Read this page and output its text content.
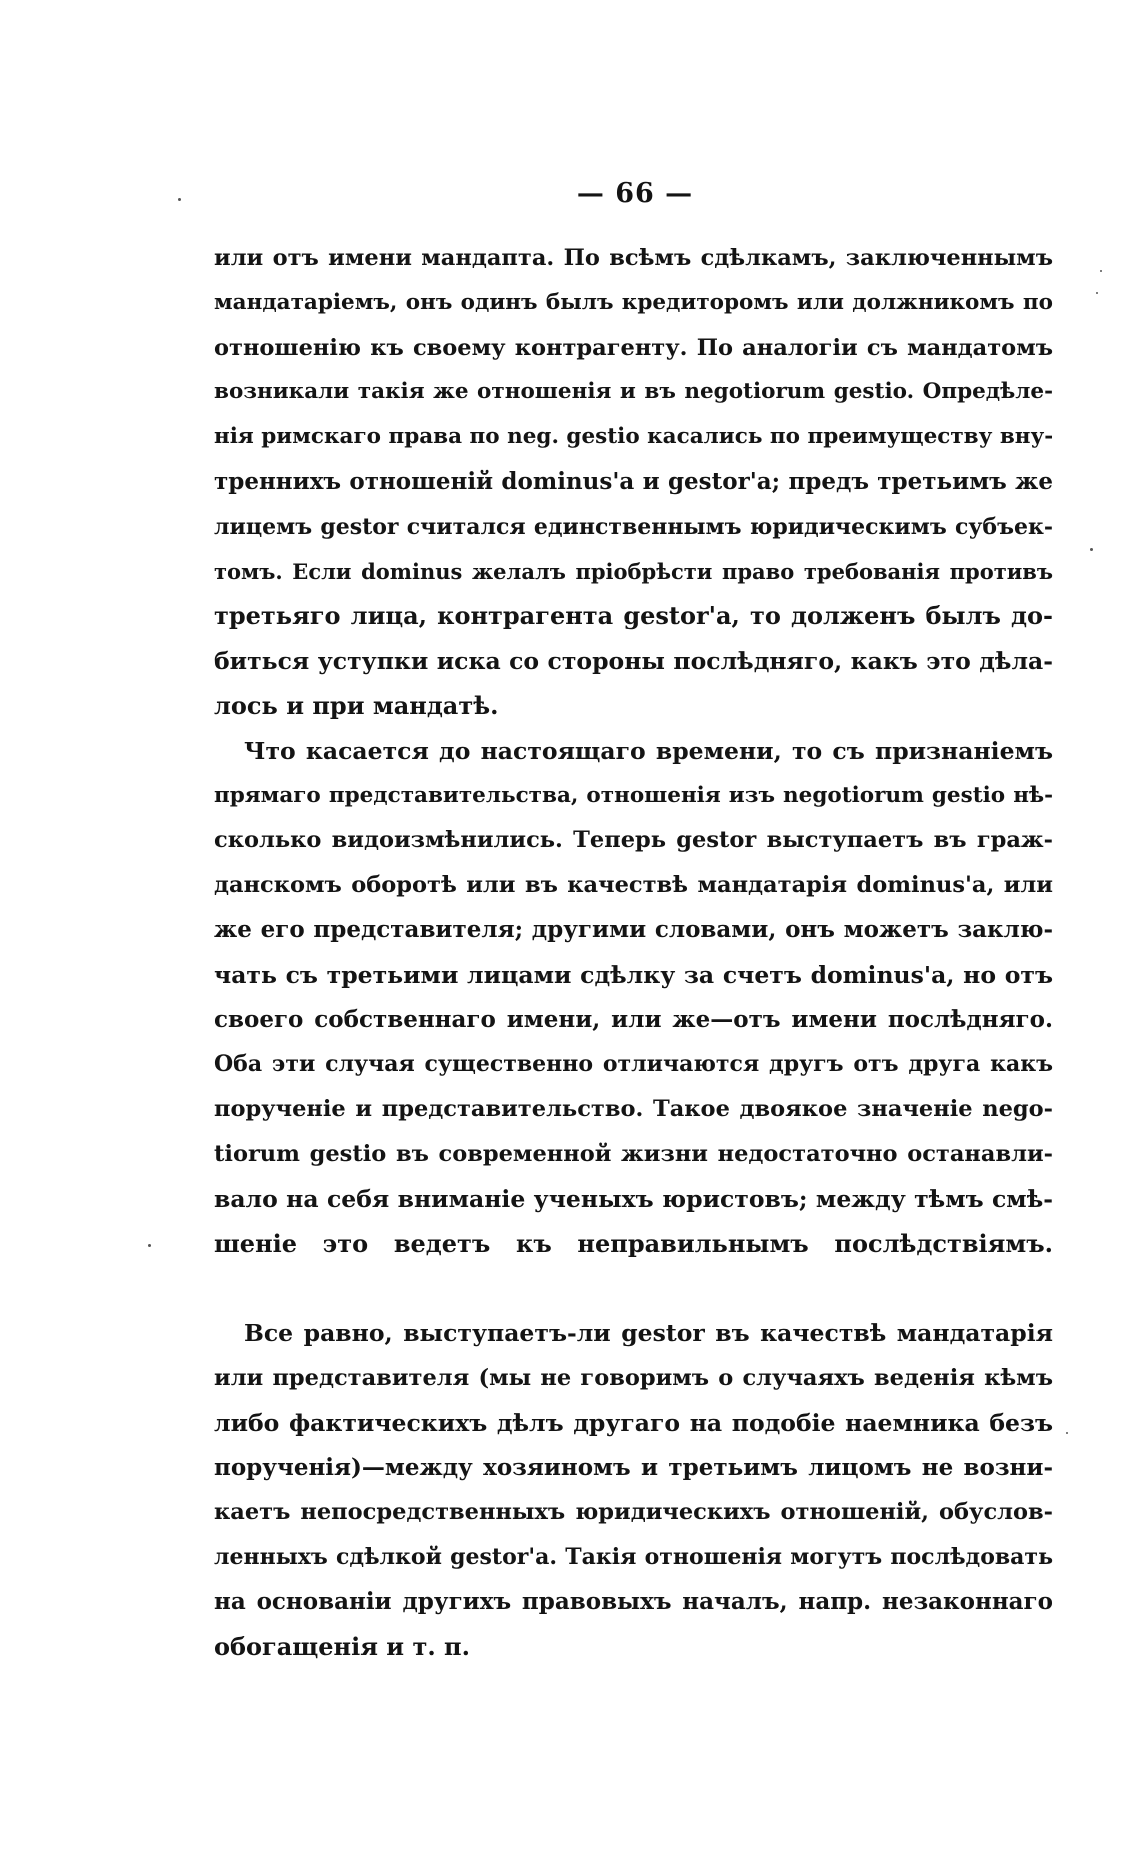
— 66 —
или отъ имени мандапта. По всѣмъ сдѣлкамъ, заключеннымъ
мандатаріемъ, онъ одинъ былъ кредиторомъ или должникомъ по
отношенію къ своему контрагенту. По аналогіи съ мандатомъ
возникали такія же отношенія и въ negotiorum gestio. Опредѣле-
нія римскаго права по neg. gestio касались по преимуществу вну-
треннихъ отношеній dominus'а и gestor'а; предъ третьимъ же
лицемъ gestor считался единственнымъ юридическимъ субъек-
томъ. Если dominus желалъ пріобрѣсти право требованія противъ
третьяго лица, контрагента gestor'а, то долженъ былъ до-
биться уступки иска со стороны послѣдняго, какъ это дѣла-
лось и при мандатѣ.
Что касается до настоящаго времени, то съ признаніемъ
прямаго представительства, отношенія изъ negotiorum gestio нѣ-
сколько видоизмѣнились. Теперь gestor выступаетъ въ граж-
данскомъ оборотѣ или въ качествѣ мандатарія dominus'а, или
же его представителя; другими словами, онъ можетъ заклю-
чать съ третьими лицами сдѣлку за счетъ dominus'а, но отъ
своего собственнаго имени, или же—отъ имени послѣдняго.
Оба эти случая существенно отличаются другъ отъ друга какъ
порученіе и представительство. Такое двоякое значеніе nego-
tiorum gestio въ современной жизни недостаточно останавли-
вало на себя вниманіе ученыхъ юристовъ; между тѣмъ смѣ-
шеніе это ведетъ къ неправильнымъ послѣдствіямъ.
Все равно, выступаетъ-ли gestor въ качествѣ мандатарія
или представителя (мы не говоримъ о случаяхъ веденія кѣмъ
либо фактическихъ дѣлъ другаго на подобіе наемника безъ
порученія)—между хозяиномъ и третьимъ лицомъ не возни-
каетъ непосредственныхъ юридическихъ отношеній, обуслов-
ленныхъ сдѣлкой gestor'а. Такія отношенія могутъ послѣдовать
на основаніи другихъ правовыхъ началъ, напр. незаконнаго
обогащенія и т. п.
